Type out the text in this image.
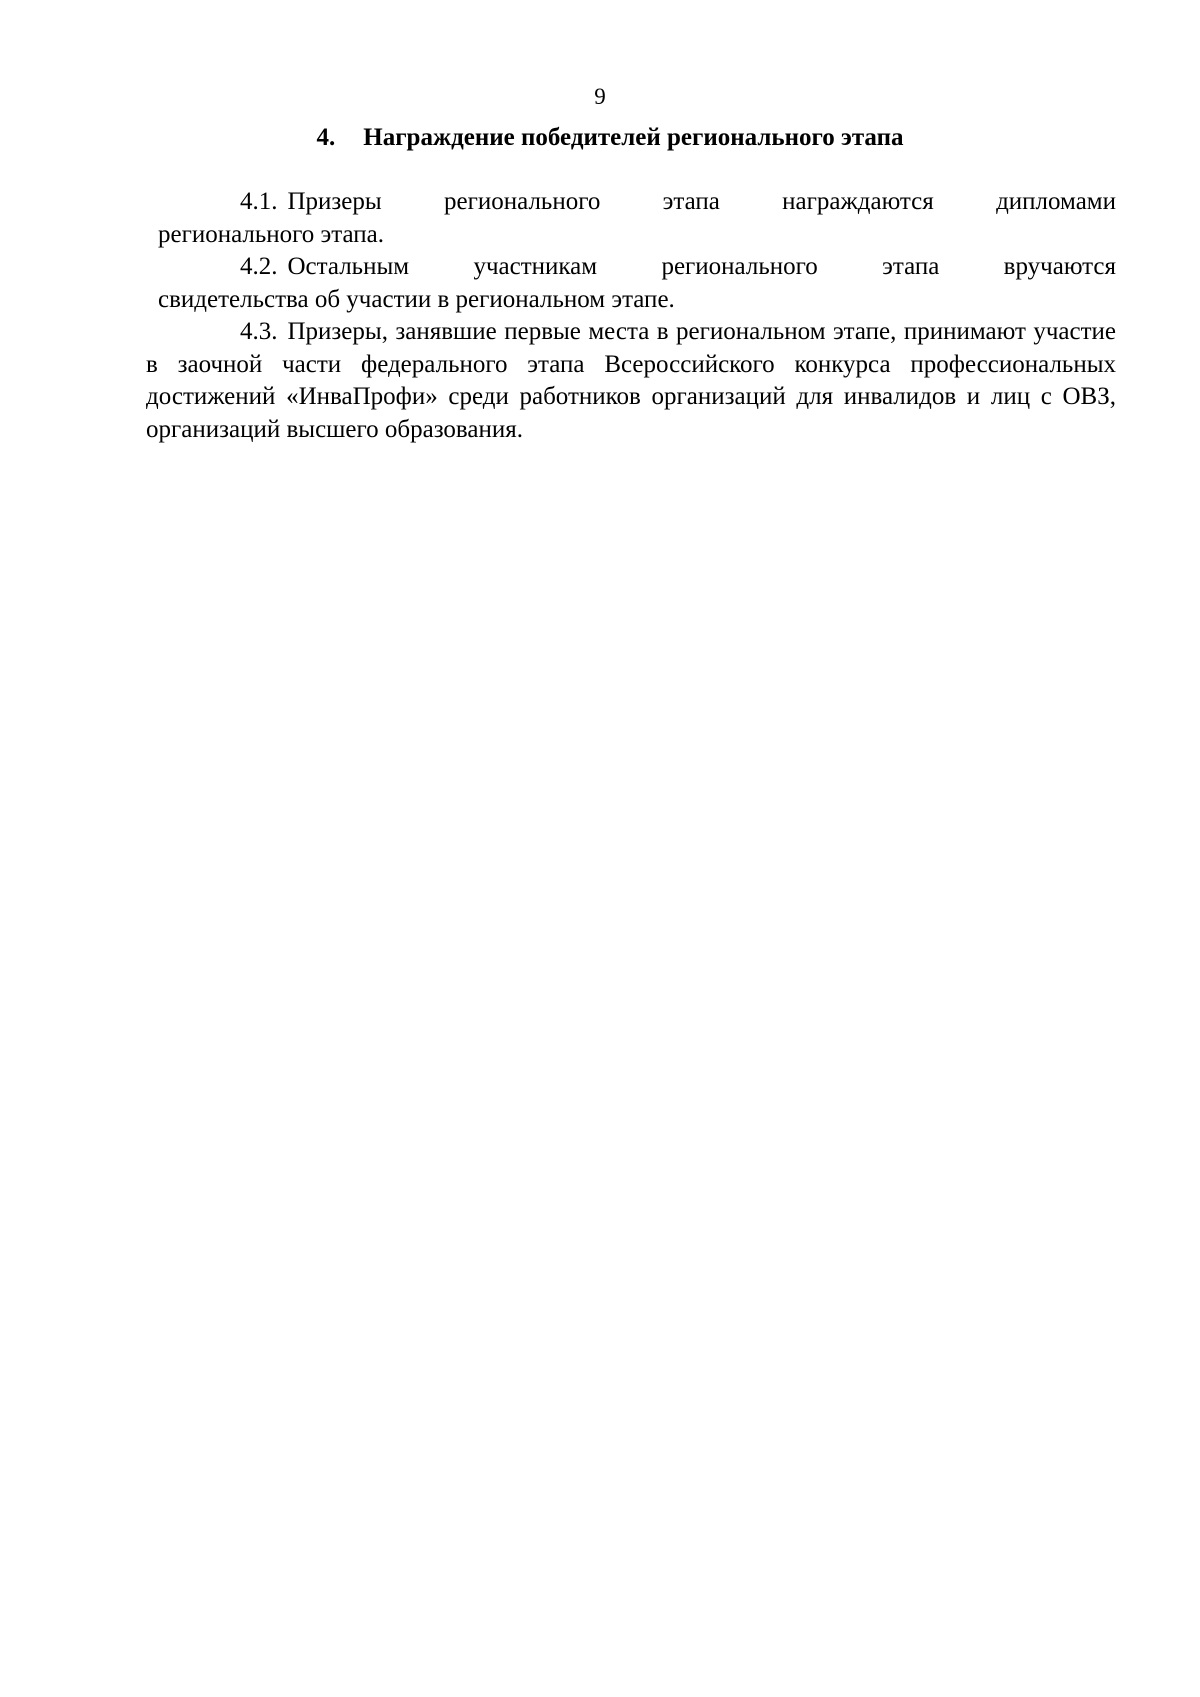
9
4. Награждение победителей регионального этапа
4.1. Призеры регионального этапа награждаются дипломами
регионального этапа.
4.2. Остальным	участникам	регионального	этапа	вручаются
свидетельства об участии в региональном этапе.

4.3. Призеры, занявшие первые места в региональном этапе, принимают участие в заочной части федерального этапа Всероссийского конкурса профессиональных достижений «ИнваПрофи» среди работников организаций для инвалидов и лиц с ОВЗ, организаций высшего образования.
